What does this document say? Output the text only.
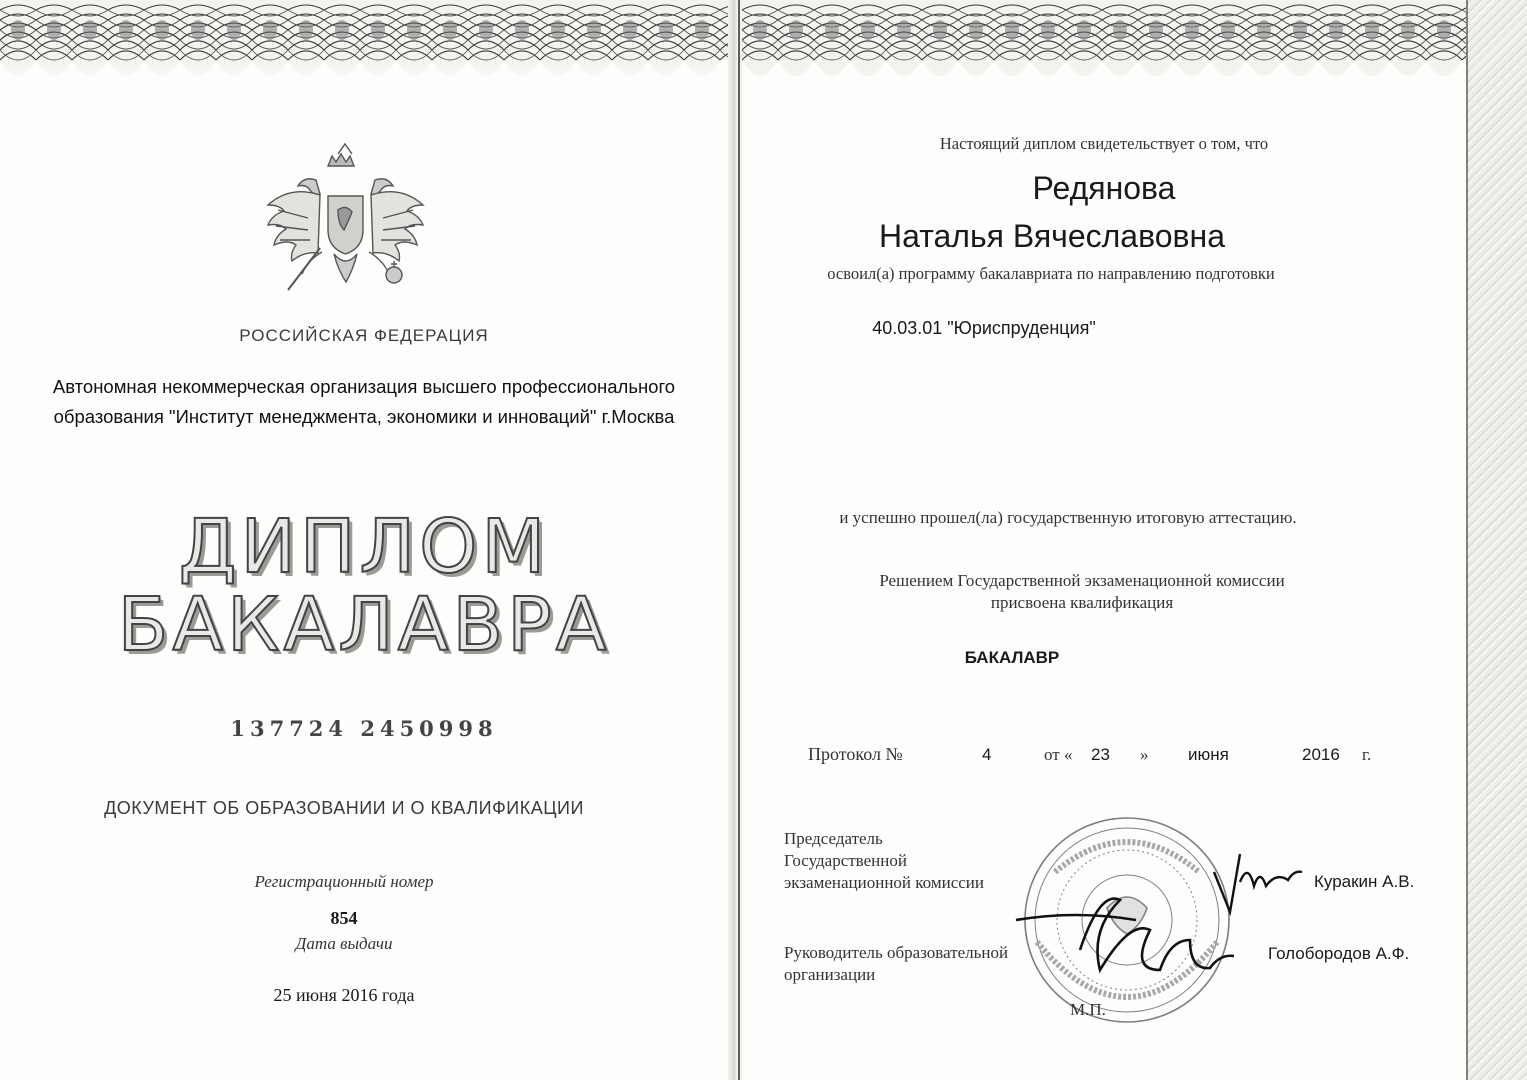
РОССИЙСКАЯ ФЕДЕРАЦИЯ
Автономная некоммерческая организация высшего профессионального
образования "Институт менеджмента, экономики и инноваций" г.Москва
ДИПЛОМ
БАКАЛАВРА
137724 2450998
ДОКУМЕНТ ОБ ОБРАЗОВАНИИ И О КВАЛИФИКАЦИИ
Регистрационный номер
854
Дата выдачи
25 июня 2016 года
Настоящий диплом свидетельствует о том, что
Редянова
Наталья Вячеславовна
освоил(а) программу бакалавриата по направлению подготовки
40.03.01 "Юриспруденция"
и успешно прошел(ла) государственную итоговую аттестацию.
Решением Государственной экзаменационной комиссии
присвоена квалификация
БАКАЛАВР
Протокол №	4	от « 23 » июня	2016 г.
Председатель
Государственной
экзаменационной комиссии	Куракин А.В.
Руководитель образовательной
организации
Голобородов А.Ф.
М.П.
